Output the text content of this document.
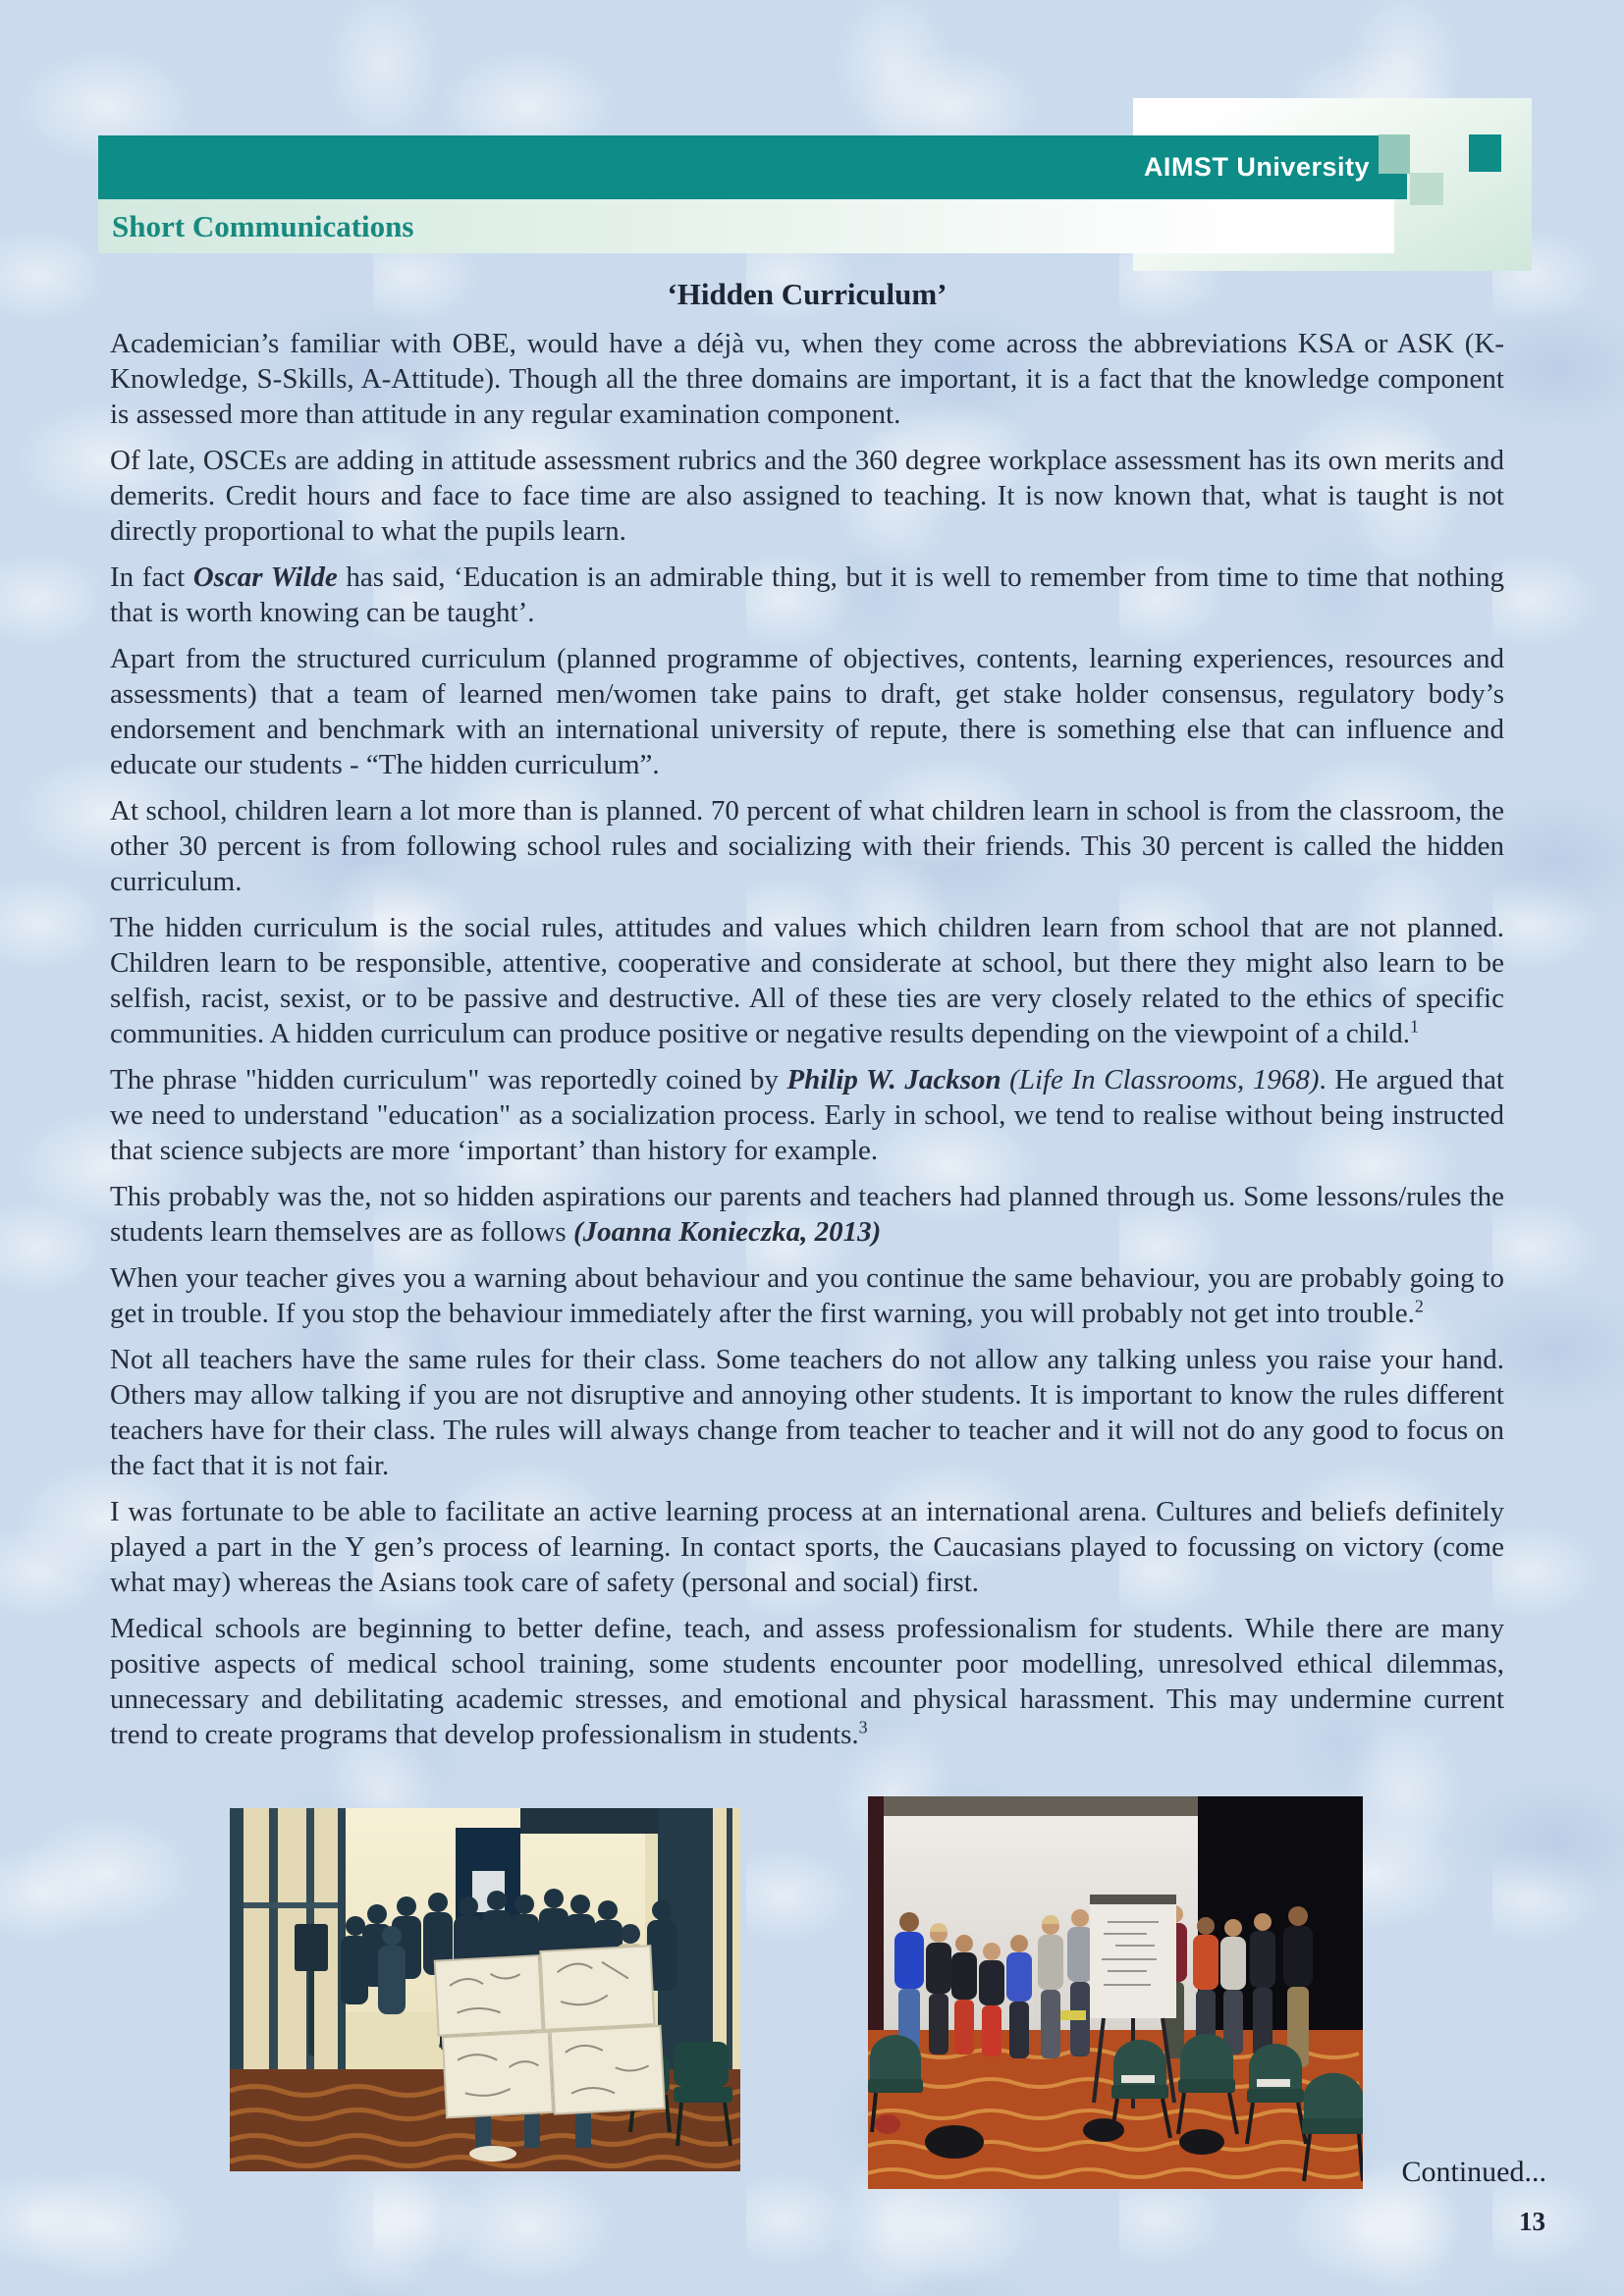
Short Communications
AIMST University
‘Hidden Curriculum’

Academician’s familiar with OBE, would have a déjà vu, when they come across the abbreviations KSA or ASK (K-Knowledge, S-Skills, A-Attitude). Though all the three domains are important, it is a fact that the knowledge component is assessed more than attitude in any regular examination component.

Of late, OSCEs are adding in attitude assessment rubrics and the 360 degree workplace assessment has its own merits and demerits. Credit hours and face to face time are also assigned to teaching. It is now known that, what is taught is not directly proportional to what the pupils learn.

In fact Oscar Wilde has said, ‘Education is an admirable thing, but it is well to remember from time to time that nothing that is worth knowing can be taught’.

Apart from the structured curriculum (planned programme of objectives, contents, learning experiences, resources and assessments) that a team of learned men/women take pains to draft, get stake holder consensus, regulatory body’s endorsement and benchmark with an international university of repute, there is something else that can influence and educate our students - “The hidden curriculum”.

At school, children learn a lot more than is planned. 70 percent of what children learn in school is from the classroom, the other 30 percent is from following school rules and socializing with their friends. This 30 percent is called the hidden curriculum.

The hidden curriculum is the social rules, attitudes and values which children learn from school that are not planned. Children learn to be responsible, attentive, cooperative and considerate at school, but there they might also learn to be selfish, racist, sexist, or to be passive and destructive. All of these ties are very closely related to the ethics of specific communities. A hidden curriculum can produce positive or negative results depending on the viewpoint of a child.$^1$

The phrase "hidden curriculum" was reportedly coined by Philip W. Jackson (Life In Classrooms, 1968). He argued that we need to understand "education" as a socialization process. Early in school, we tend to realise without being instructed that science subjects are more ‘important’ than history for example.

This probably was the, not so hidden aspirations our parents and teachers had planned through us. Some lessons/rules the students learn themselves are as follows (Joanna Konieczka, 2013)

When your teacher gives you a warning about behaviour and you continue the same behaviour, you are probably going to get in trouble. If you stop the behaviour immediately after the first warning, you will probably not get into trouble.$^2$

Not all teachers have the same rules for their class. Some teachers do not allow any talking unless you raise your hand. Others may allow talking if you are not disruptive and annoying other students. It is important to know the rules different teachers have for their class. The rules will always change from teacher to teacher and it will not do any good to focus on the fact that it is not fair.

I was fortunate to be able to facilitate an active learning process at an international arena. Cultures and beliefs definitely played a part in the Y gen’s process of learning. In contact sports, the Caucasians played to focussing on victory (come what may) whereas the Asians took care of safety (personal and social) first.

Medical schools are beginning to better define, teach, and assess professionalism for students. While there are many positive aspects of medical school training, some students encounter poor modelling, unresolved ethical dilemmas, unnecessary and debilitating academic stresses, and emotional and physical harassment. This may undermine current trend to create programs that develop professionalism in students.$^3$

Continued...
13
